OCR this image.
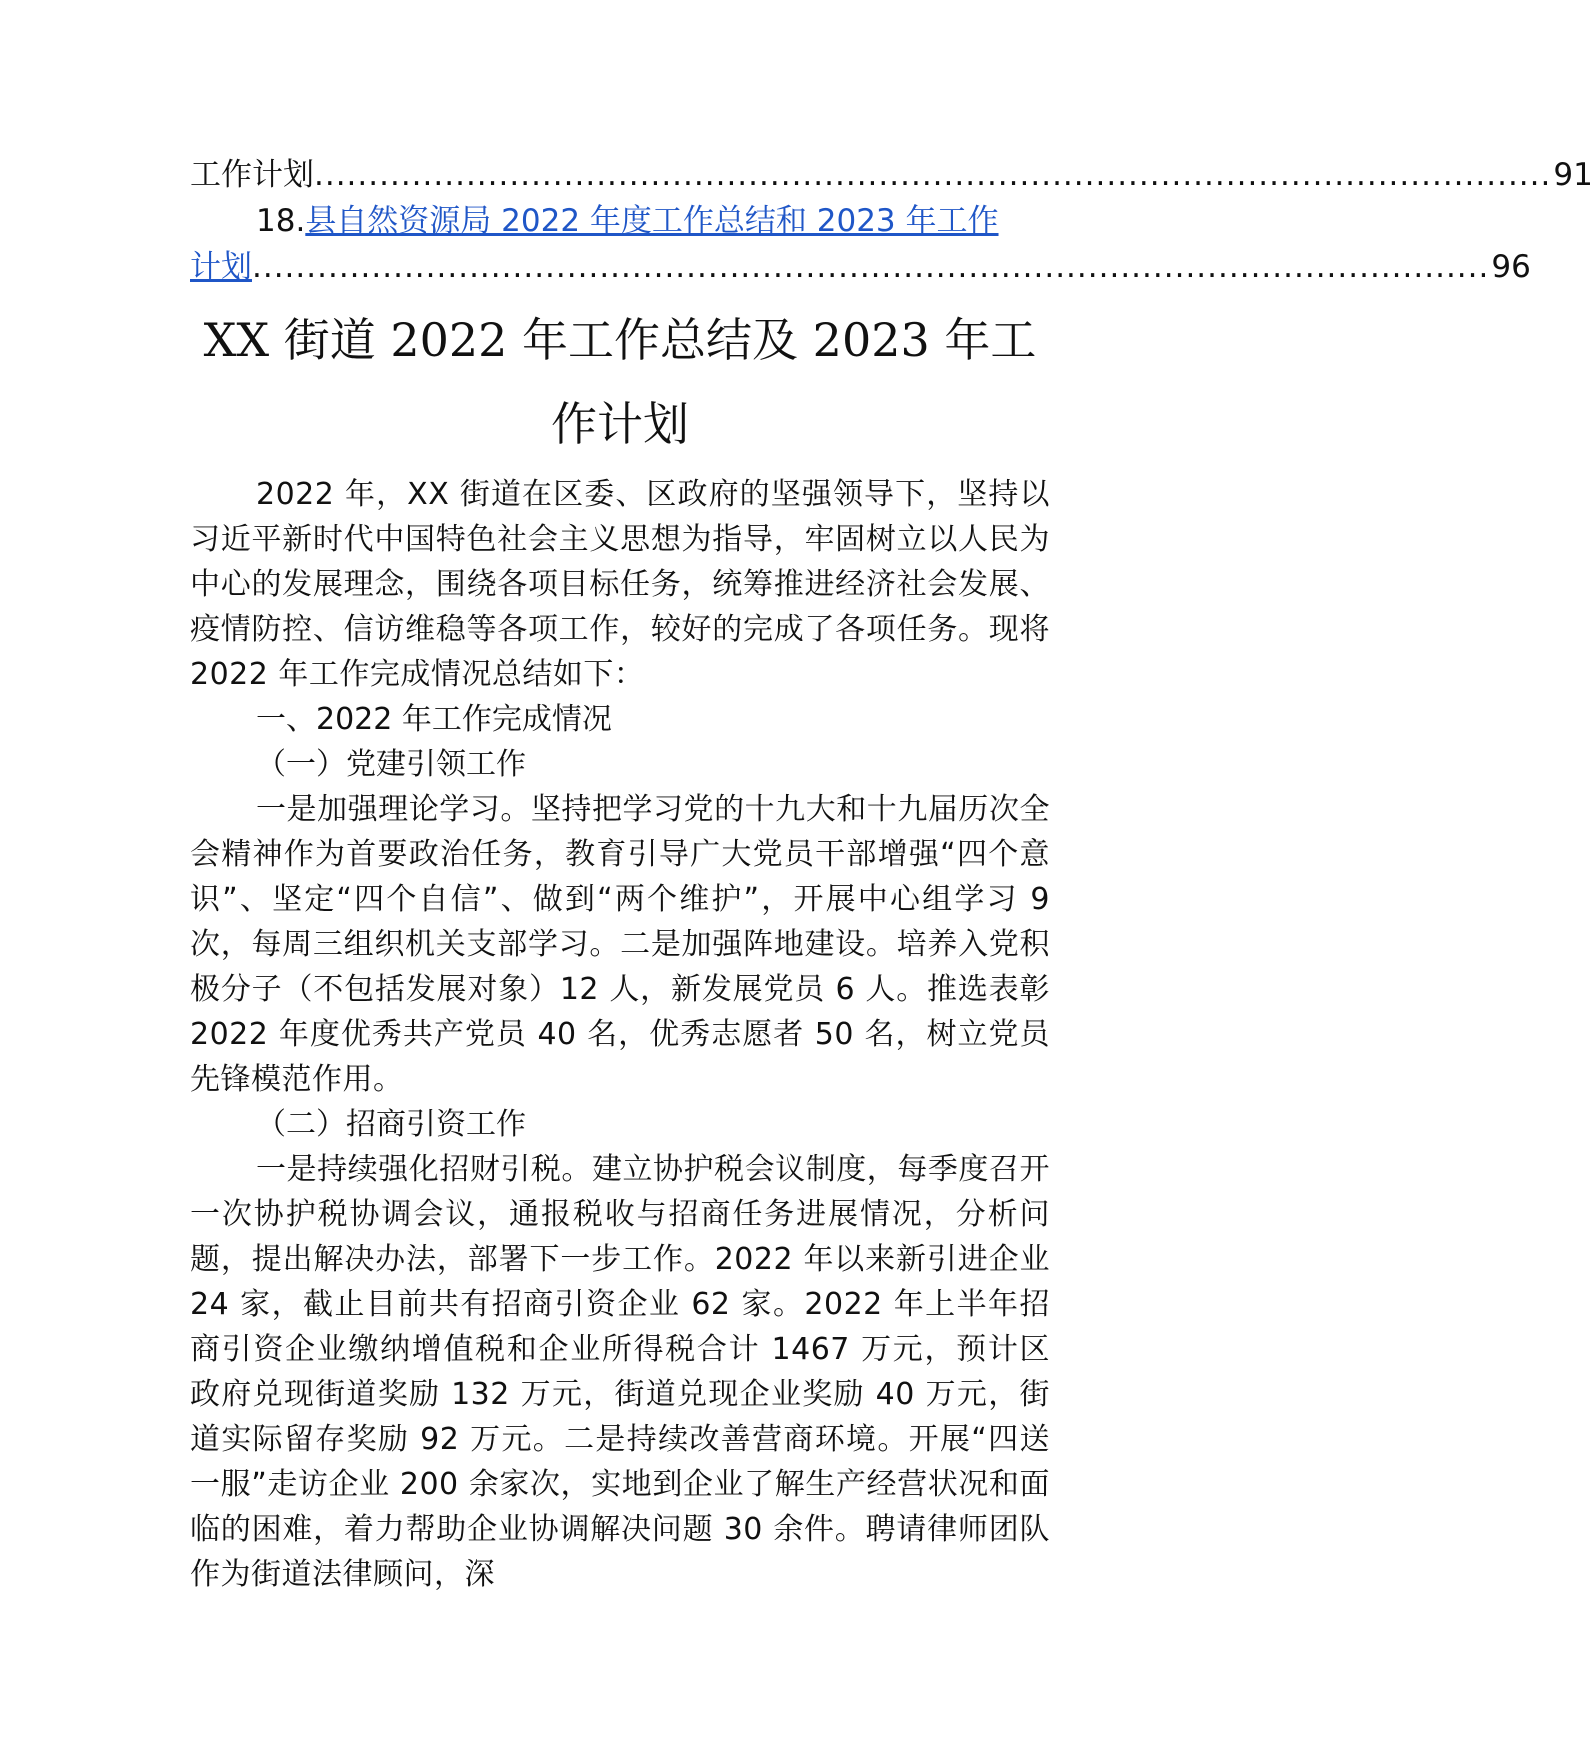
工作计划 .................................................................................................................. 91
18.县自然资源局 2022 年度工作总结和 2023 年工作
计划 .................................................................................................................. 96
XX 街道 2022 年工作总结及 2023 年工作计划

2022 年，XX 街道在区委、区政府的坚强领导下，坚持以习近平新时代中国特色社会主义思想为指导，牢固树立以人民为中心的发展理念，围绕各项目标任务，统筹推进经济社会发展、疫情防控、信访维稳等各项工作，较好的完成了各项任务。现将 2022 年工作完成情况总结如下：

一、2022 年工作完成情况

（一）党建引领工作

一是加强理论学习。坚持把学习党的十九大和十九届历次全会精神作为首要政治任务，教育引导广大党员干部增强“四个意识”、坚定“四个自信”、做到“两个维护”，开展中心组学习 9 次，每周三组织机关支部学习。二是加强阵地建设。培养入党积极分子（不包括发展对象）12 人，新发展党员 6 人。推选表彰 2022 年度优秀共产党员 40 名，优秀志愿者 50 名，树立党员先锋模范作用。

（二）招商引资工作

一是持续强化招财引税。建立协护税会议制度，每季度召开一次协护税协调会议，通报税收与招商任务进展情况，分析问题，提出解决办法，部署下一步工作。2022 年以来新引进企业 24 家，截止目前共有招商引资企业 62 家。2022 年上半年招商引资企业缴纳增值税和企业所得税合计 1467 万元，预计区政府兑现街道奖励 132 万元，街道兑现企业奖励 40 万元，街道实际留存奖励 92 万元。二是持续改善营商环境。开展“四送一服”走访企业 200 余家次，实地到企业了解生产经营状况和面临的困难，着力帮助企业协调解决问题 30 余件。聘请律师团队作为街道法律顾问，深
